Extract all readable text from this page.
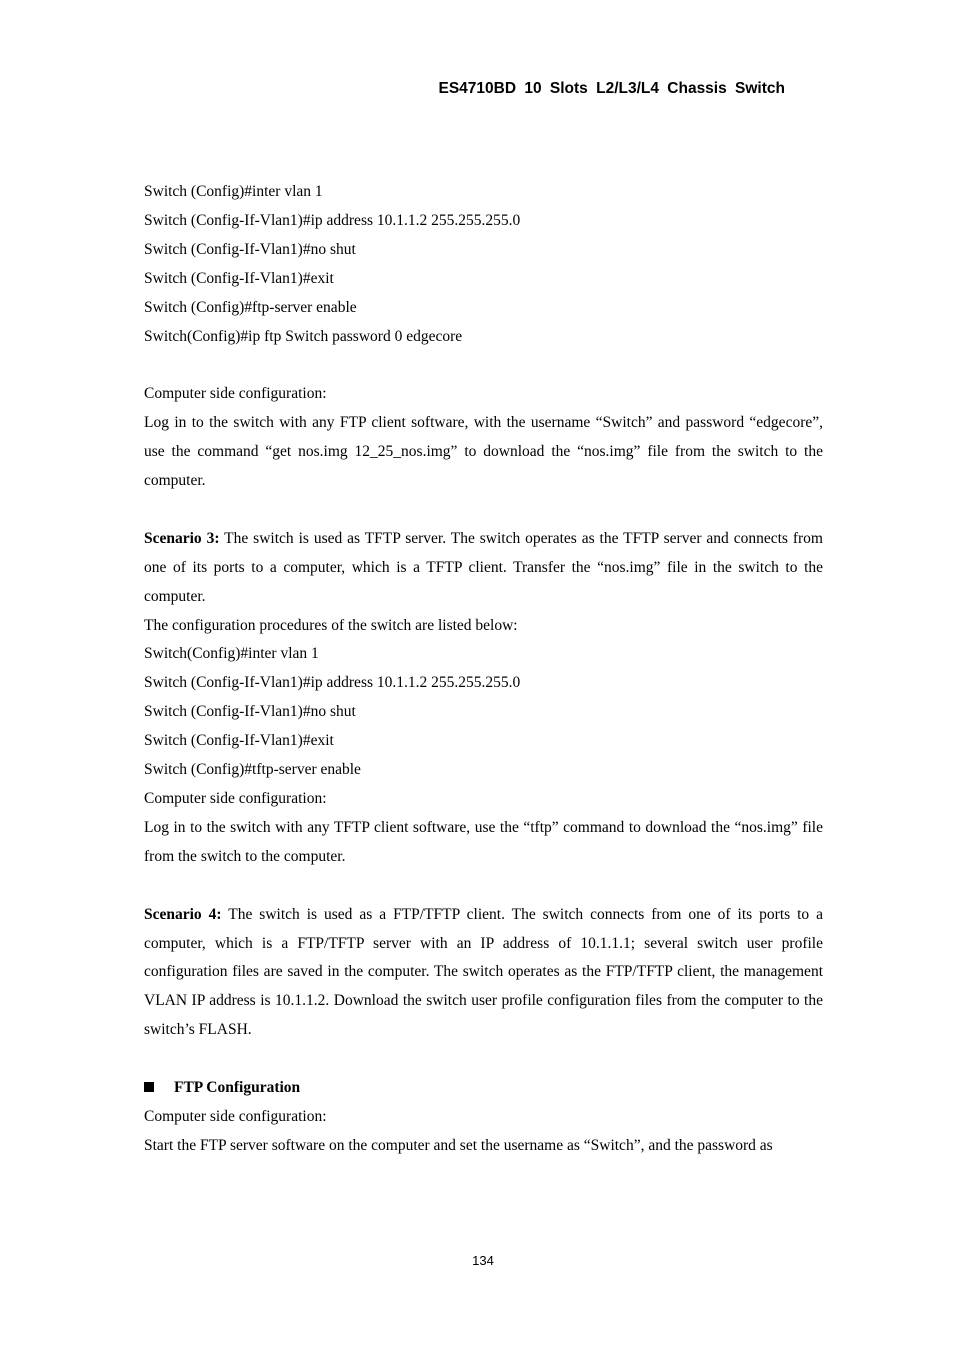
ES4710BD 10 Slots L2/L3/L4 Chassis Switch
Switch (Config)#inter vlan 1
Switch (Config-If-Vlan1)#ip address 10.1.1.2 255.255.255.0
Switch (Config-If-Vlan1)#no shut
Switch (Config-If-Vlan1)#exit
Switch (Config)#ftp-server enable
Switch(Config)#ip ftp Switch password 0 edgecore
Computer side configuration:
Log in to the switch with any FTP client software, with the username “Switch” and password “edgecore”, use the command “get nos.img 12_25_nos.img” to download the “nos.img” file from the switch to the computer.
Scenario 3: The switch is used as TFTP server. The switch operates as the TFTP server and connects from one of its ports to a computer, which is a TFTP client. Transfer the “nos.img” file in the switch to the computer.
The configuration procedures of the switch are listed below:
Switch(Config)#inter vlan 1
Switch (Config-If-Vlan1)#ip address 10.1.1.2 255.255.255.0
Switch (Config-If-Vlan1)#no shut
Switch (Config-If-Vlan1)#exit
Switch (Config)#tftp-server enable
Computer side configuration:
Log in to the switch with any TFTP client software, use the “tftp” command to download the “nos.img” file from the switch to the computer.
Scenario 4: The switch is used as a FTP/TFTP client. The switch connects from one of its ports to a computer, which is a FTP/TFTP server with an IP address of 10.1.1.1; several switch user profile configuration files are saved in the computer. The switch operates as the FTP/TFTP client, the management VLAN IP address is 10.1.1.2. Download the switch user profile configuration files from the computer to the switch’s FLASH.
FTP Configuration
Computer side configuration:
Start the FTP server software on the computer and set the username as “Switch”, and the password as
134
